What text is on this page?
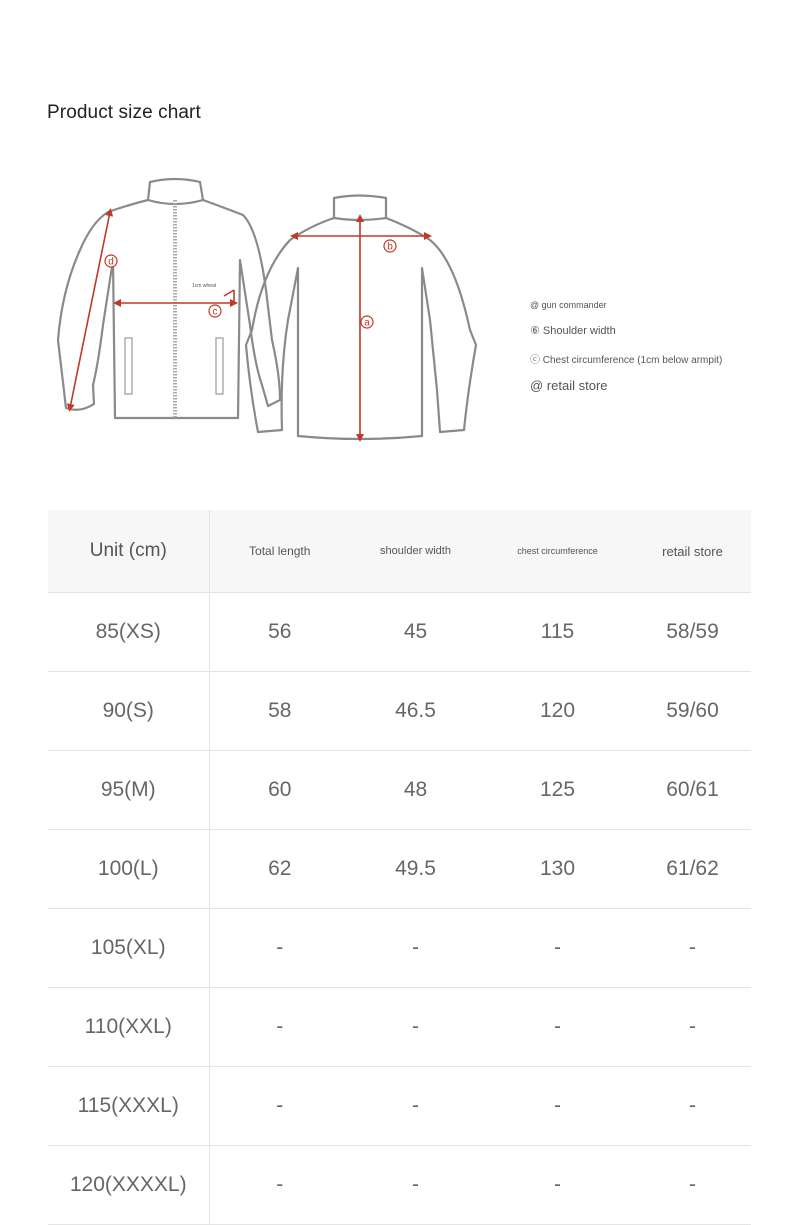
Product size chart
d
c
b
a
1cm wheat
@ gun commander
⑥ Shoulder width
ⓒ Chest circumference (1cm below armpit)
@ retail store
Unit (cm)	Total length	shoulder width	chest circumference	retail store
85(XS)	56	45	115	58/59
90(S)	58	46.5	120	59/60
95(M)	60	48	125	60/61
100(L)	62	49.5	130	61/62
105(XL)	-	-	-	-
110(XXL)	-	-	-	-
115(XXXL)	-	-	-	-
120(XXXXL)	-	-	-	-
